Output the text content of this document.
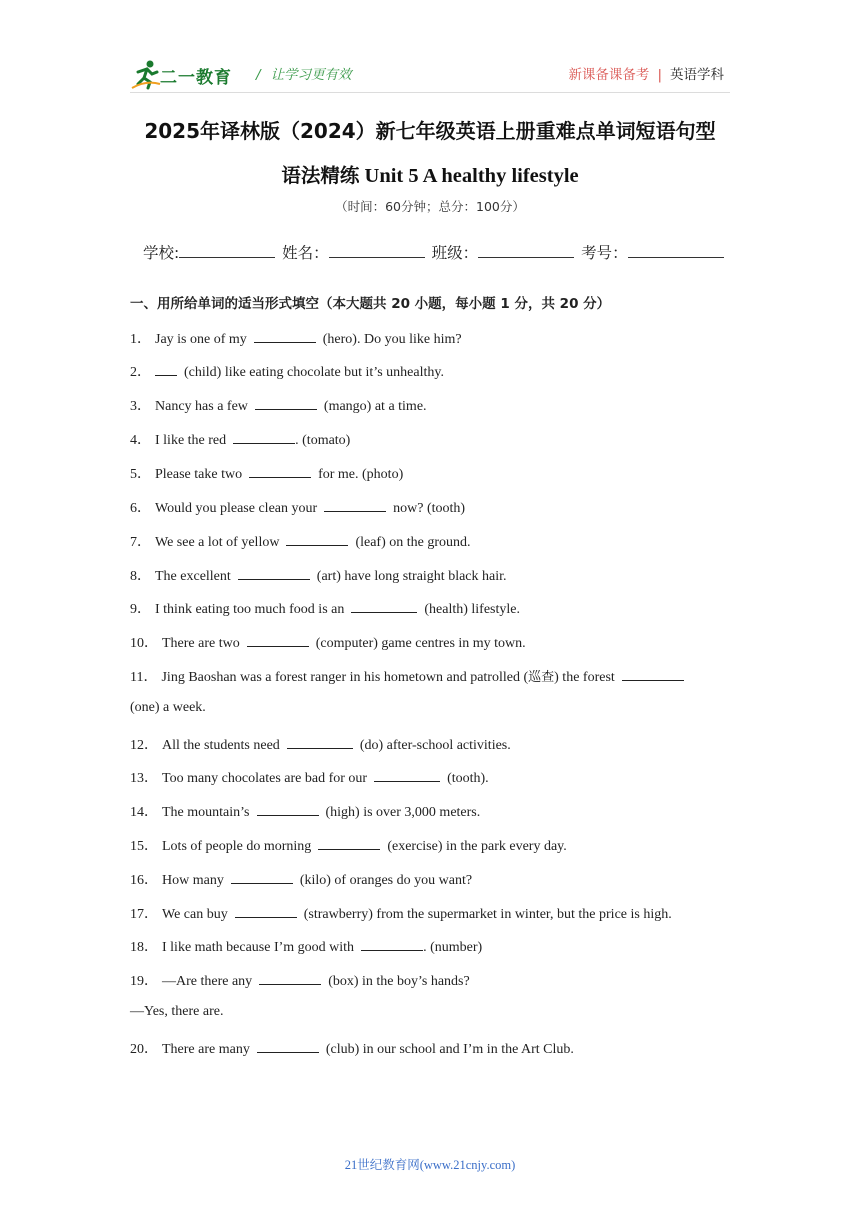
二一教育 / 让学习更有效	新课备课备考 | 英语学科
2025年译林版（2024）新七年级英语上册重难点单词短语句型
语法精练 Unit 5 A healthy lifestyle
（时间：60分钟；总分：100分）
学校:	姓名：	班级：	考号：
一、用所给单词的适当形式填空（本大题共 20 小题，每小题 1 分，共 20 分）
1． Jay is one of my	(hero). Do you like him?
2． (child) like eating chocolate but it’s unhealthy.
3． Nancy has a few	(mango) at a time.
4． I like the red	. (tomato)
5． Please take two	for me. (photo)
6． Would you please clean your	now? (tooth)
7． We see a lot of yellow	(leaf) on the ground.
8． The excellent	(art) have long straight black hair.
9． I think eating too much food is an	(health) lifestyle.
10． There are two	(computer) game centres in my town.
11． Jing Baoshan was a forest ranger in his hometown and patrolled (巡查) the forest
(one) a week.
12． All the students need	(do) after-school activities.
13． Too many chocolates are bad for our	(tooth).
14． The mountain’s	(high) is over 3,000 meters.
15． Lots of people do morning	(exercise) in the park every day.
16． How many	(kilo) of oranges do you want?
17． We can buy	(strawberry) from the supermarket in winter, but the price is high.
18． I like math because I’m good with	. (number)
19． —Are there any	(box) in the boy’s hands?
—Yes, there are.
20． There are many	(club) in our school and I’m in the Art Club.
21世纪教育网(www.21cnjy.com)
